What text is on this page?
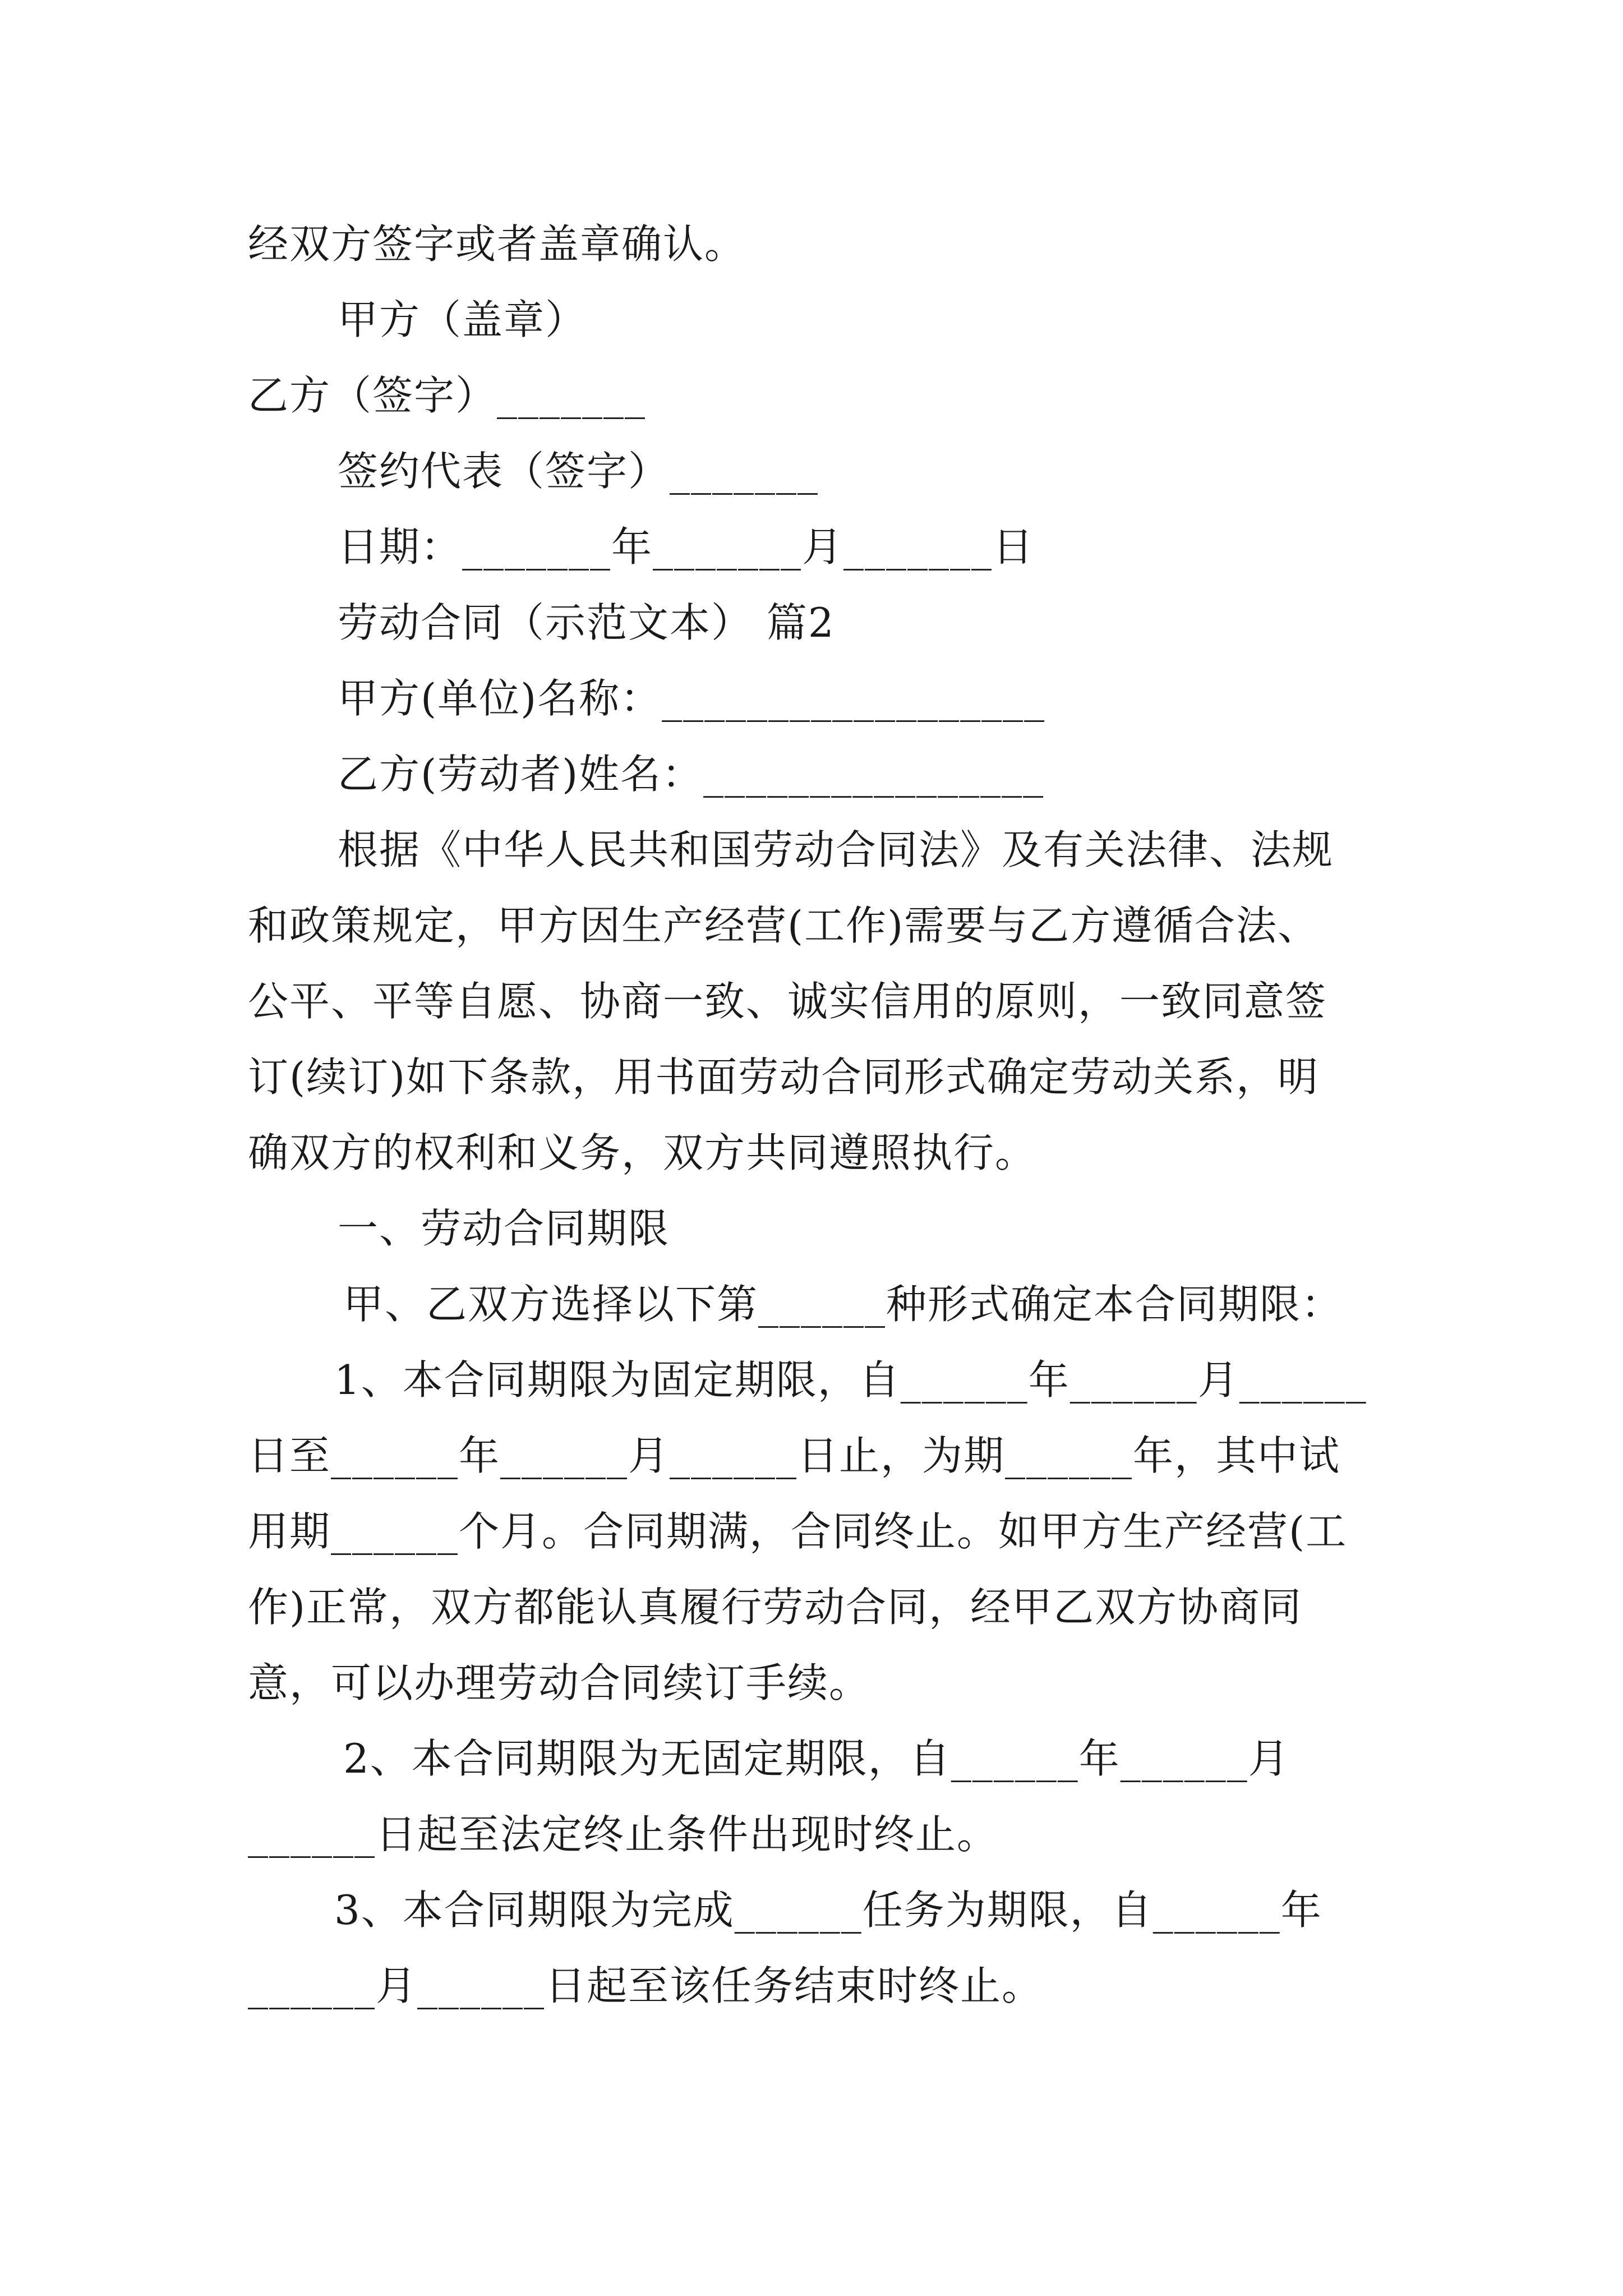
经双方签字或者盖章确认。
甲方（盖章）
乙方（签字）_______
签约代表（签字）_______
日期：_______年_______月_______日
劳动合同（示范文本） 篇2
甲方(单位)名称：__________________
乙方(劳动者)姓名：________________
根据《中华人民共和国劳动合同法》及有关法律、法规
和政策规定，甲方因生产经营(工作)需要与乙方遵循合法、
公平、平等自愿、协商一致、诚实信用的原则，一致同意签
订(续订)如下条款，用书面劳动合同形式确定劳动关系，明
确双方的权利和义务，双方共同遵照执行。
一、劳动合同期限
甲、乙双方选择以下第______种形式确定本合同期限：
1、本合同期限为固定期限，自______年______月______
日至______年______月______日止，为期______年，其中试
用期______个月。合同期满，合同终止。如甲方生产经营(工
作)正常，双方都能认真履行劳动合同，经甲乙双方协商同
意，可以办理劳动合同续订手续。
2、本合同期限为无固定期限，自______年______月
______日起至法定终止条件出现时终止。
3、本合同期限为完成______任务为期限，自______年
______月______日起至该任务结束时终止。
